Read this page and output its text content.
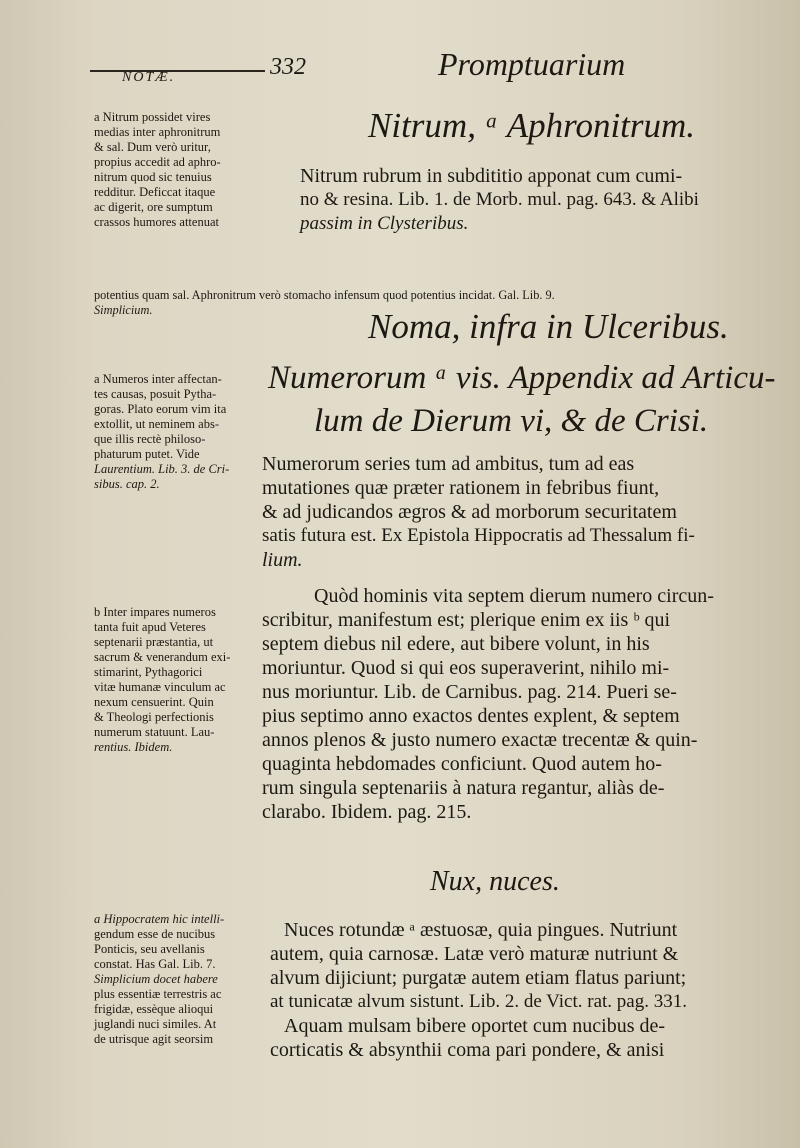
NOTÆ.	332	Promptuarium
Nitrum, ᵃ Aphronitrum.
a Nitrum possidet vires
medias inter aphronitrum
& sal. Dum verò uritur,
propius accedit ad aphro-
nitrum quod sic tenuius
redditur. Deficcat itaque
ac digerit, ore sumptum
crassos humores attenuat
Nitrum rubrum in subdititio apponat cum cumi-
no & resina. Lib. 1. de Morb. mul. pag. 643. & Alibi
passim in Clysteribus.
potentius quam sal. Aphronitrum verò stomacho infensum quod potentius incidat. Gal. Lib. 9.
Simplicium.	Noma, infra in Ulceribus.
Numerorum ᵃ vis. Appendix ad Articu-
lum de Dierum vi, & de Crisi.
a Numeros inter affectan-
tes causas, posuit Pytha-
goras. Plato eorum vim ita
extollit, ut neminem abs-
que illis rectè philoso-
phaturum putet. Vide
Laurentium. Lib. 3. de Cri-
sibus. cap. 2.
Numerorum series tum ad ambitus, tum ad eas
mutationes quæ præter rationem in febribus fiunt,
& ad judicandos ægros & ad morborum securitatem
satis futura est. Ex Epistola Hippocratis ad Thessalum fi-
lium.
b Inter impares numeros
tanta fuit apud Veteres
septenarii præstantia, ut
sacrum & venerandum exi-
stimarint, Pythagorici
vitæ humanæ vinculum ac
nexum censuerint. Quin
& Theologi perfectionis
numerum statuunt. Lau-
rentius. Ibidem.
Quòd hominis vita septem dierum numero circun-
scribitur, manifestum est; plerique enim ex iis ᵇ qui
septem diebus nil edere, aut bibere volunt, in his
moriuntur. Quod si qui eos superaverint, nihilo mi-
nus moriuntur. Lib. de Carnibus. pag. 214. Pueri se-
pius septimo anno exactos dentes explent, & septem
annos plenos & justo numero exactæ trecentæ & quin-
quaginta hebdomades conficiunt. Quod autem ho-
rum singula septenariis à natura regantur, aliàs de-
clarabo. Ibidem. pag. 215.
Nux, nuces.
a Hippocratem hic intelli-
gendum esse de nucibus
Ponticis, seu avellanis
constat. Has Gal. Lib. 7.
Simplicium docet habere
plus essentiæ terrestris ac
frigidæ, essèque alioqui
juglandi nuci similes. At
de utrisque agit seorsim
Nuces rotundæ ᵃ æstuosæ, quia pingues. Nutriunt
autem, quia carnosæ. Latæ verò maturæ nutriunt &
alvum dijiciunt; purgatæ autem etiam flatus pariunt;
at tunicatæ alvum sistunt. Lib. 2. de Vict. rat. pag. 331.
Aquam mulsam bibere oportet cum nucibus de-
corticatis & absynthii coma pari pondere, & anisi
